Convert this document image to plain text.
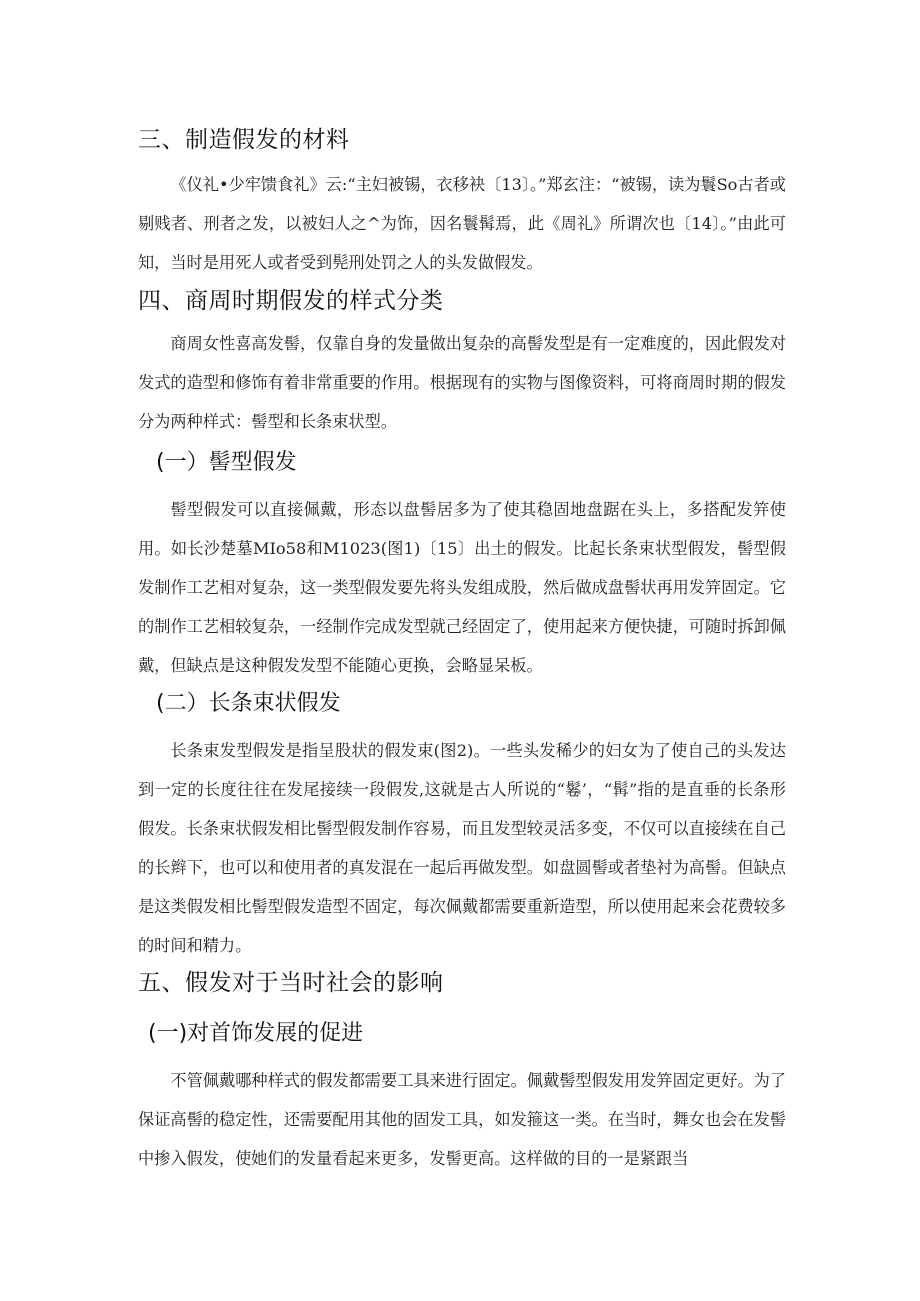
三、制造假发的材料

《仪礼•少牢馈食礼》云:“主妇被锡，衣移袂〔13〕。”郑玄注：“被锡，读为鬟So古者或剔贱者、刑者之发，以被妇人之^为饰，因名鬟髯焉，此《周礼》所谓次也〔14〕。”由此可知，当时是用死人或者受到髡刑处罚之人的头发做假发。

四、商周时期假发的样式分类

商周女性喜高发髻，仅靠自身的发量做出复杂的高髻发型是有一定难度的，因此假发对发式的造型和修饰有着非常重要的作用。根据现有的实物与图像资料，可将商周时期的假发分为两种样式：髻型和长条束状型。

(一）髻型假发

髻型假发可以直接佩戴，形态以盘髻居多为了使其稳固地盘踞在头上，多搭配发笄使用。如长沙楚墓MIo58和M1023(图1)〔15〕出土的假发。比起长条束状型假发，髻型假发制作工艺相对复杂，这一类型假发要先将头发组成股，然后做成盘髻状再用发笄固定。它的制作工艺相较复杂，一经制作完成发型就己经固定了，使用起来方便快捷，可随时拆卸佩戴，但缺点是这种假发发型不能随心更换，会略显呆板。

(二）长条束状假发

长条束发型假发是指呈股状的假发束(图2)。一些头发稀少的妇女为了使自己的头发达到一定的长度往往在发尾接续一段假发,这就是古人所说的“鬈’，“髯”指的是直垂的长条形假发。长条束状假发相比髻型假发制作容易，而且发型较灵活多变，不仅可以直接续在自己的长辫下，也可以和使用者的真发混在一起后再做发型。如盘圆髻或者垫衬为高髻。但缺点是这类假发相比髻型假发造型不固定，每次佩戴都需要重新造型，所以使用起来会花费较多的时间和精力。

五、假发对于当时社会的影响
(一)对首饰发展的促进

不管佩戴哪种样式的假发都需要工具来进行固定。佩戴髻型假发用发笄固定更好。为了保证高髻的稳定性，还需要配用其他的固发工具，如发箍这一类。在当时，舞女也会在发髻中掺入假发，使她们的发量看起来更多，发髻更高。这样做的目的一是紧跟当
